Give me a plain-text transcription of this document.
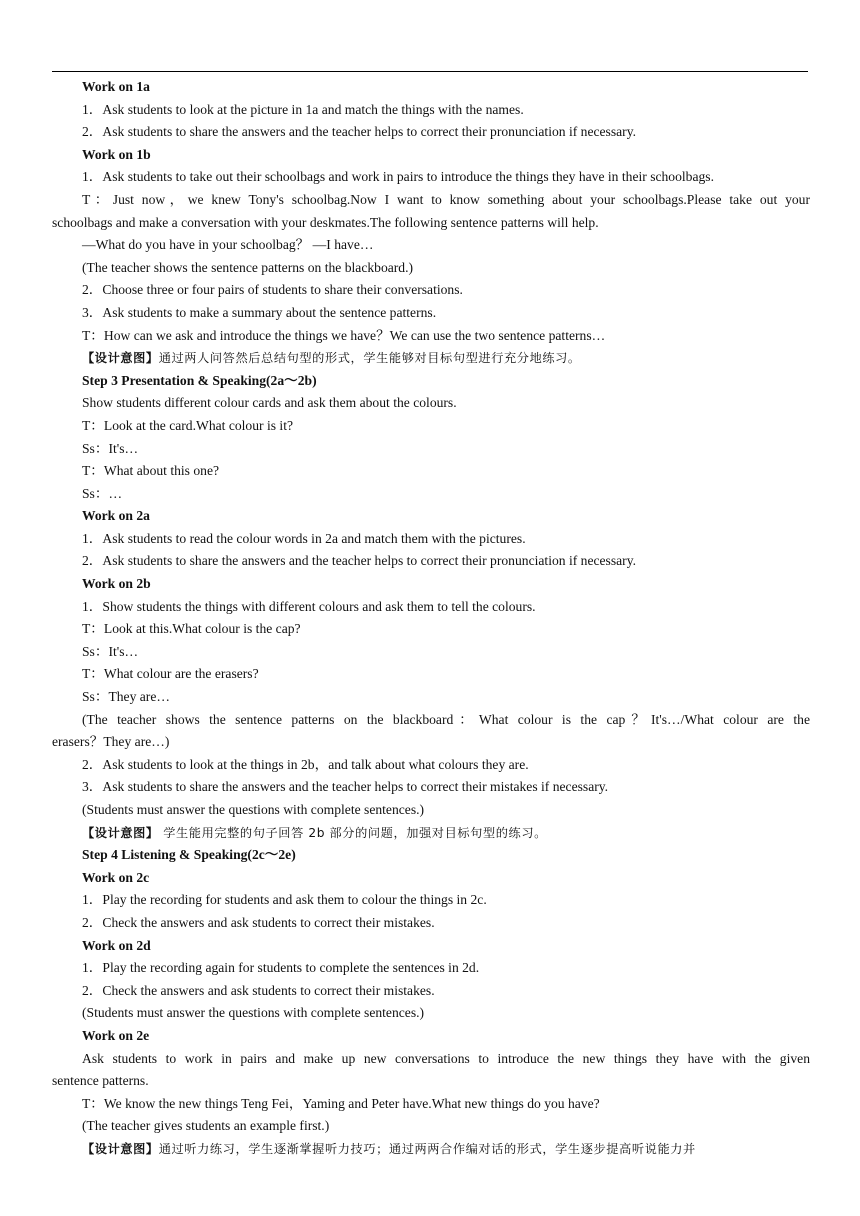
Work on 1a
1．Ask students to look at the picture in 1a and match the things with the names.
2．Ask students to share the answers and the teacher helps to correct their pronunciation if necessary.
Work on 1b
1．Ask students to take out their schoolbags and work in pairs to introduce the things they have in their schoolbags.
T：Just now，we knew Tony's schoolbag.Now I want to know something about your schoolbags.Please take out your
schoolbags and make a conversation with your deskmates.The following sentence patterns will help.
—What do you have in your schoolbag？ —I have…
(The teacher shows the sentence patterns on the blackboard.)
2．Choose three or four pairs of students to share their conversations.
3．Ask students to make a summary about the sentence patterns.
T：How can we ask and introduce the things we have？We can use the two sentence patterns…
【设计意图】通过两人问答然后总结句型的形式，学生能够对目标句型进行充分地练习。
Step 3 Presentation & Speaking(2a～2b)
Show students different colour cards and ask them about the colours.
T：Look at the card.What colour is it?
Ss：It's…
T：What about this one?
Ss：…
Work on 2a
1．Ask students to read the colour words in 2a and match them with the pictures.
2．Ask students to share the answers and the teacher helps to correct their pronunciation if necessary.
Work on 2b
1．Show students the things with different colours and ask them to tell the colours.
T：Look at this.What colour is the cap?
Ss：It's…
T：What colour are the erasers?
Ss：They are…
(The teacher shows the sentence patterns on the blackboard：What colour is the cap？It's…/What colour are the
erasers？They are…)
2．Ask students to look at the things in 2b，and talk about what colours they are.
3．Ask students to share the answers and the teacher helps to correct their mistakes if necessary.
(Students must answer the questions with complete sentences.)
【设计意图】 学生能用完整的句子回答 2b 部分的问题，加强对目标句型的练习。
Step 4 Listening & Speaking(2c～2e)
Work on 2c
1．Play the recording for students and ask them to colour the things in 2c.
2．Check the answers and ask students to correct their mistakes.
Work on 2d
1．Play the recording again for students to complete the sentences in 2d.
2．Check the answers and ask students to correct their mistakes.
(Students must answer the questions with complete sentences.)
Work on 2e
Ask students to work in pairs and make up new conversations to introduce the new things they have with the given
sentence patterns.
T：We know the new things Teng Fei，Yaming and Peter have.What new things do you have?
(The teacher gives students an example first.)
【设计意图】通过听力练习，学生逐渐掌握听力技巧；通过两两合作编对话的形式，学生逐步提高听说能力并
